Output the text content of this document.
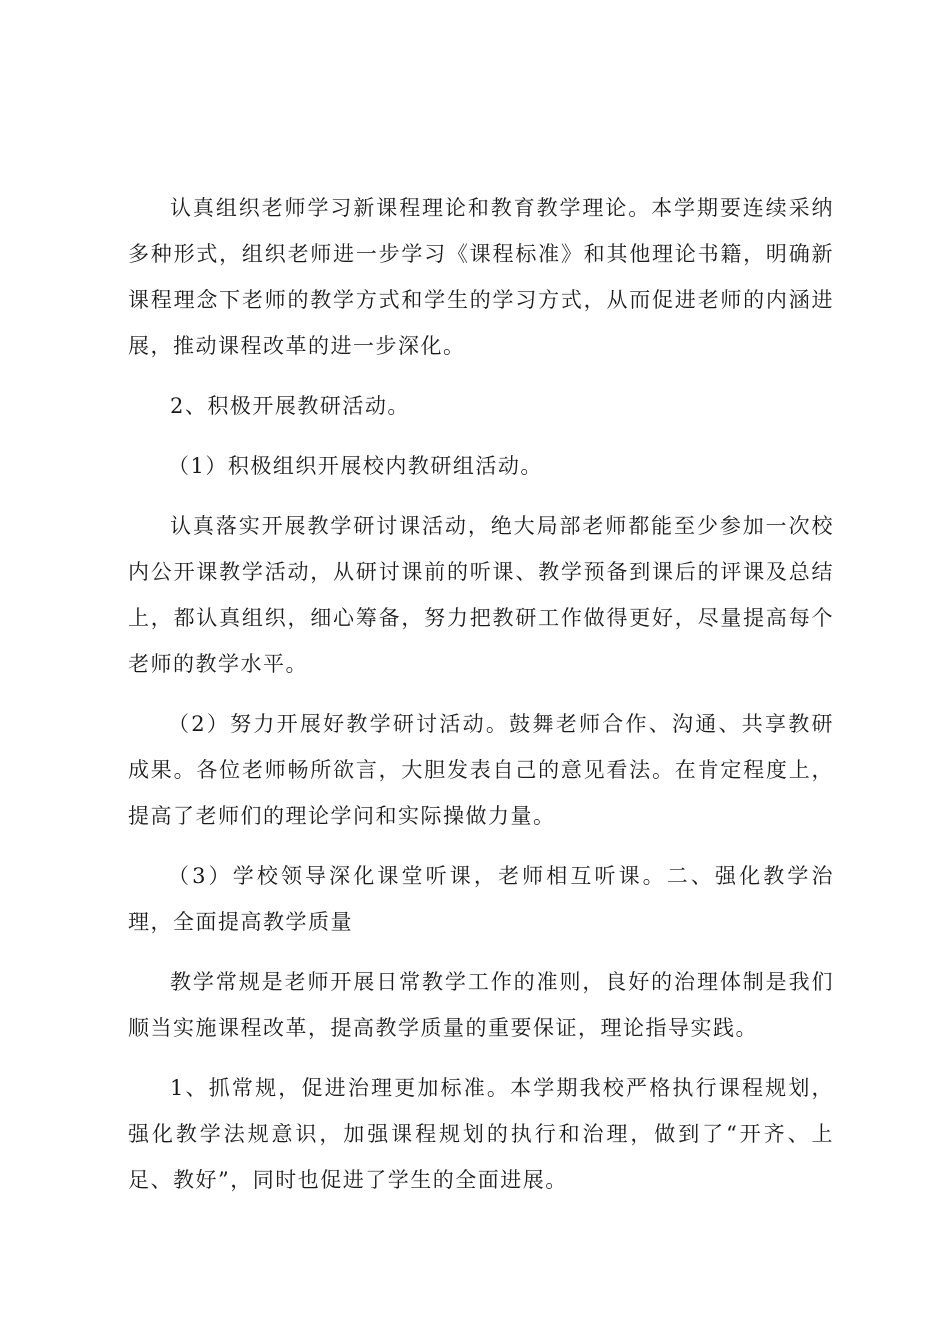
认真组织老师学习新课程理论和教育教学理论。本学期要连续采纳多种形式，组织老师进一步学习《课程标准》和其他理论书籍，明确新课程理念下老师的教学方式和学生的学习方式，从而促进老师的内涵进展，推动课程改革的进一步深化。

2、积极开展教研活动。

（1）积极组织开展校内教研组活动。

认真落实开展教学研讨课活动，绝大局部老师都能至少参加一次校内公开课教学活动，从研讨课前的听课、教学预备到课后的评课及总结上，都认真组织，细心筹备，努力把教研工作做得更好，尽量提高每个老师的教学水平。

（2）努力开展好教学研讨活动。鼓舞老师合作、沟通、共享教研成果。各位老师畅所欲言，大胆发表自己的意见看法。在肯定程度上，提高了老师们的理论学问和实际操做力量。

（3）学校领导深化课堂听课，老师相互听课。二、强化教学治理，全面提高教学质量

教学常规是老师开展日常教学工作的准则，良好的治理体制是我们顺当实施课程改革，提高教学质量的重要保证，理论指导实践。

1、抓常规，促进治理更加标准。本学期我校严格执行课程规划，强化教学法规意识，加强课程规划的执行和治理，做到了“开齐、上足、教好”，同时也促进了学生的全面进展。
